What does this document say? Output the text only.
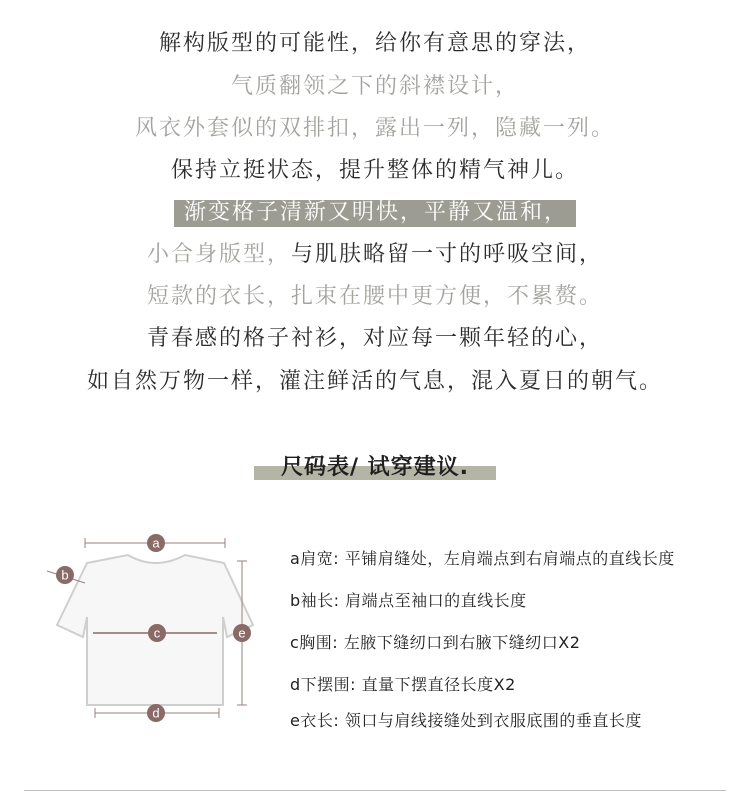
解构版型的可能性，给你有意思的穿法，
气质翻领之下的斜襟设计，
风衣外套似的双排扣，露出一列，隐藏一列。
保持立挺状态，提升整体的精气神儿。
渐变格子清新又明快，平静又温和，
小合身版型，与肌肤略留一寸的呼吸空间，
短款的衣长，扎束在腰中更方便，不累赘。
青春感的格子衬衫，对应每一颗年轻的心，
如自然万物一样，灌注鲜活的气息，混入夏日的朝气。
尺码表/ 试穿建议.
a
b
c
d
e
a肩宽: 平铺肩缝处，左肩端点到右肩端点的直线长度
b袖长: 肩端点至袖口的直线长度
c胸围: 左腋下缝纫口到右腋下缝纫口X2
d下摆围: 直量下摆直径长度X2
e衣长: 领口与肩线接缝处到衣服底围的垂直长度
